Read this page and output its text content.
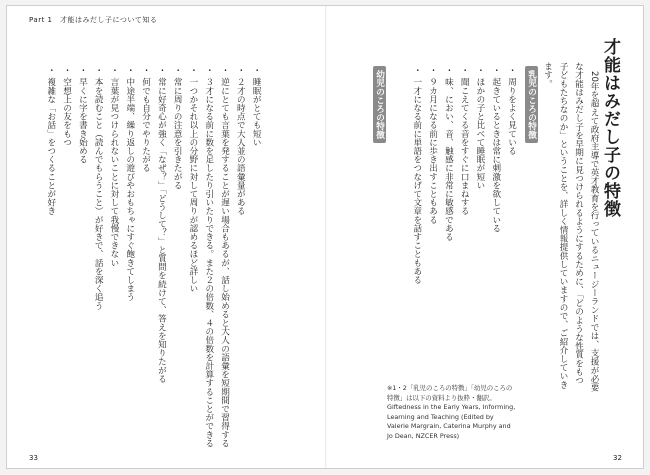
Part 1　才能はみだし子について知る
才能はみだし子の特徴

20年を超えて政府主導で英才教育を行っているニュージーランドでは、支援が必要な才能はみだし子を早期に見つけられるようにするために、「どのような性質をもつ子どもたちなのか」ということを、詳しく情報提供していますので、ご紹介していきます。

乳児のころの特徴
・周りをよく見ている
・起きているときは常に刺激を欲している
・ほかの子と比べて睡眠が短い
・聞こえてくる音をすぐに口まねする
・味、におい、音、触感に非常に敏感である
・９カ月になる前に歩き出すこともある
・一才になる前に単語をつなげて文章を話すこともある
幼児のころの特徴
※1・2「乳児のころの特徴」「幼児のころの
特徴」は以下の資料より抜粋・翻訳。
Giftedness in the Early Years, Informing,
Learning and Teaching (Edited by
Valerie Margrain, Caterina Murphy and
Jo Dean, NZCER Press)
・睡眠がとても短い
・２才の時点で大人並の語彙量がある
・逆にとても言葉を発することが遅い場合もあるが、話し始めると大人の語彙を短期間で習得する
・３才になる前に数を足したり引いたりできる。また２の倍数、４の倍数を計算することができる
・一つかそれ以上の分野に対して周りが認めるほど詳しい
・常に周りの注意を引きたがる
・常に好奇心が強く「なぜ？」「どうして？」と質問を続けて、答えを知りたがる
・何でも自分でやりたがる
・中途半端、繰り返しの遊びやおもちゃにすぐ飽きてしまう
・言葉が見つけられないことに対して我慢できない
・本を読むこと（読んでもらうこと）が好きで、話を深く追う
・早くに字を書き始める
・空想上の友をもつ
・複雑な「お話」をつくることが好き
33	32
